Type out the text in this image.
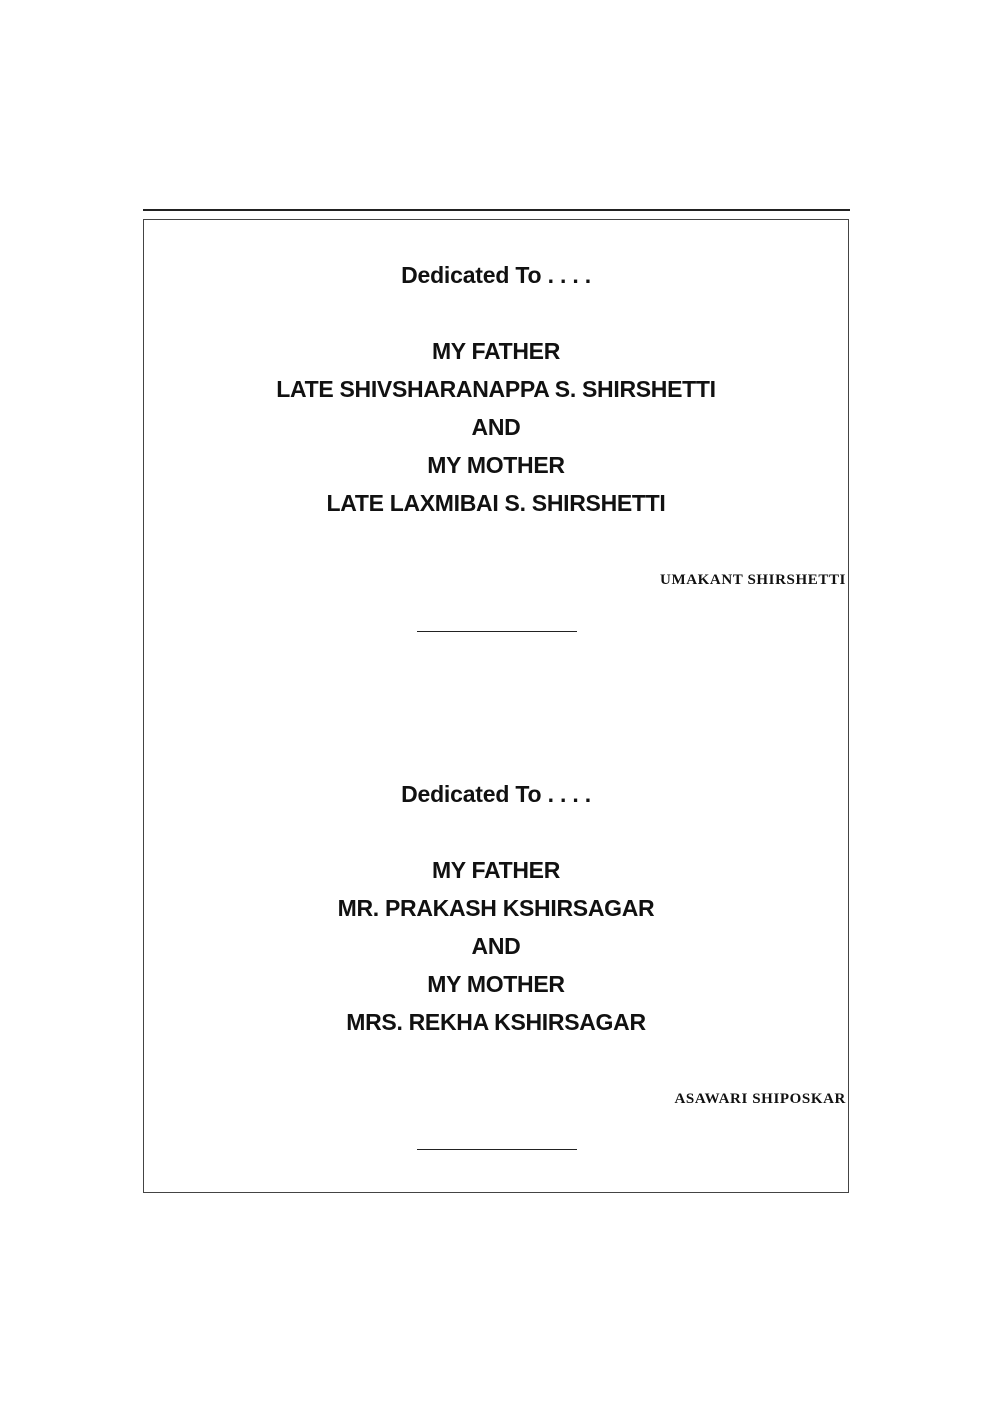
Dedicated To . . . .
MY FATHER
LATE SHIVSHARANAPPA S. SHIRSHETTI
AND
MY MOTHER
LATE LAXMIBAI S. SHIRSHETTI
UMAKANT SHIRSHETTI
Dedicated To . . . .
MY FATHER
MR. PRAKASH KSHIRSAGAR
AND
MY MOTHER
MRS. REKHA KSHIRSAGAR
ASAWARI SHIPOSKAR
